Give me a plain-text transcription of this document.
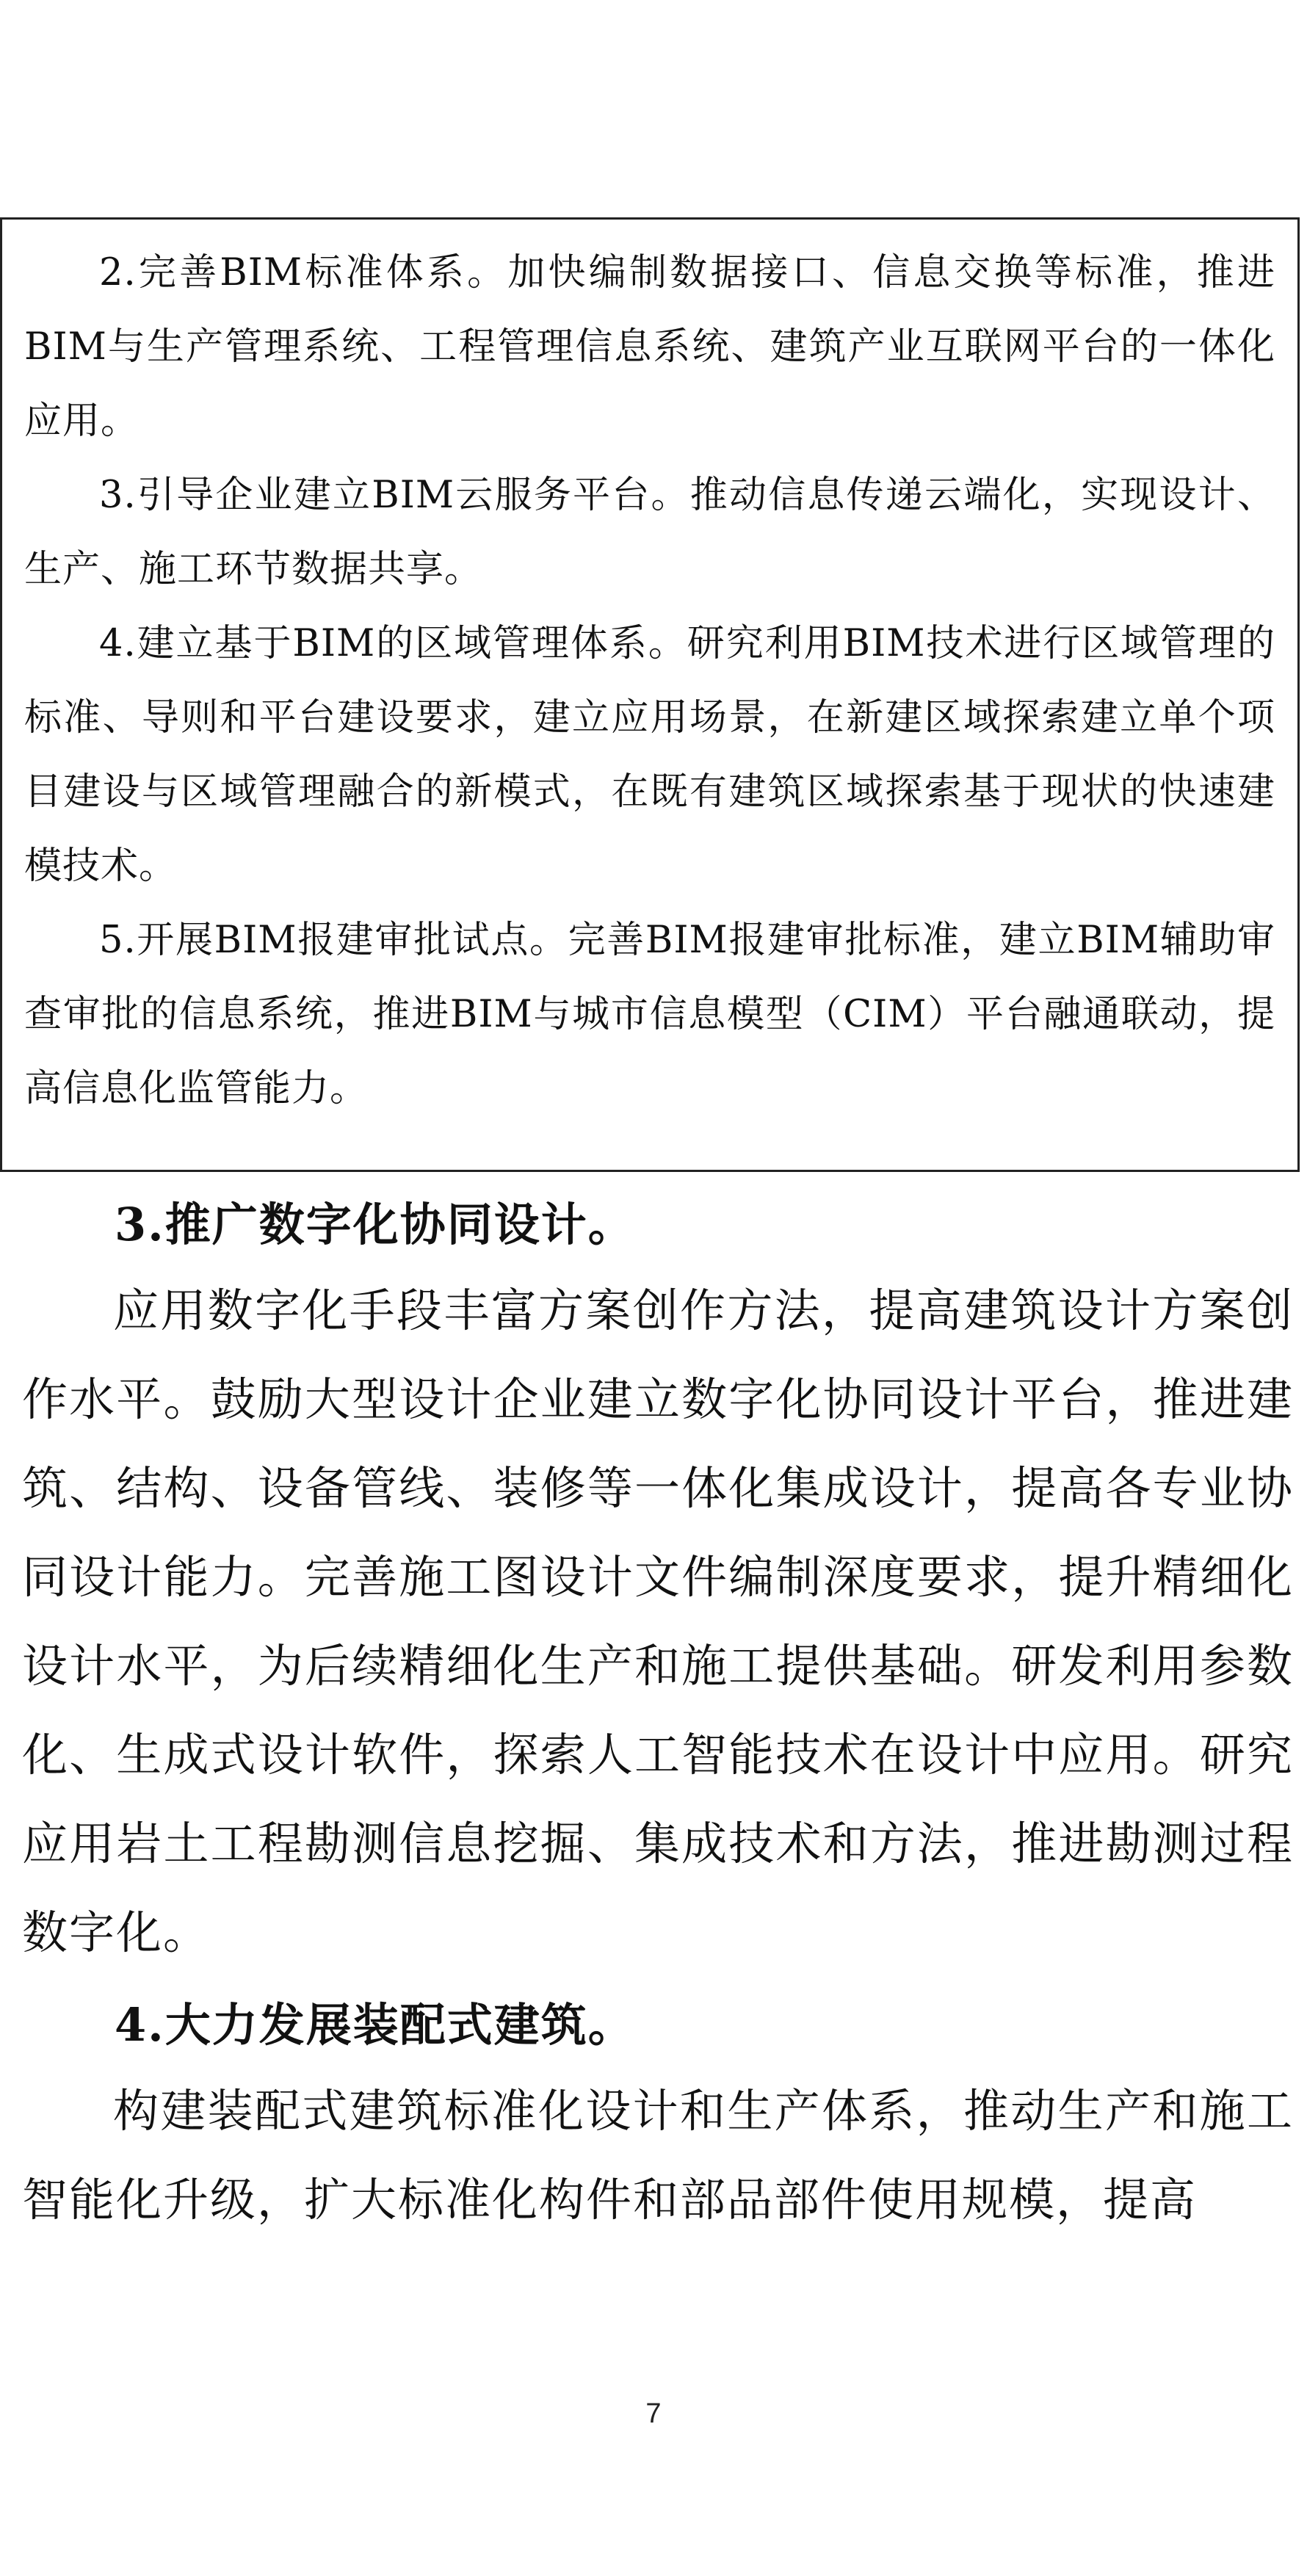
2.完善BIM标准体系。加快编制数据接口、信息交换等标准，推进BIM与生产管理系统、工程管理信息系统、建筑产业互联网平台的一体化应用。

3.引导企业建立BIM云服务平台。推动信息传递云端化，实现设计、生产、施工环节数据共享。

4.建立基于BIM的区域管理体系。研究利用BIM技术进行区域管理的标准、导则和平台建设要求，建立应用场景，在新建区域探索建立单个项目建设与区域管理融合的新模式，在既有建筑区域探索基于现状的快速建模技术。

5.开展BIM报建审批试点。完善BIM报建审批标准，建立BIM辅助审查审批的信息系统，推进BIM与城市信息模型（CIM）平台融通联动，提高信息化监管能力。

3.推广数字化协同设计。

应用数字化手段丰富方案创作方法，提高建筑设计方案创作水平。鼓励大型设计企业建立数字化协同设计平台，推进建筑、结构、设备管线、装修等一体化集成设计，提高各专业协同设计能力。完善施工图设计文件编制深度要求，提升精细化设计水平，为后续精细化生产和施工提供基础。研发利用参数化、生成式设计软件，探索人工智能技术在设计中应用。研究应用岩土工程勘测信息挖掘、集成技术和方法，推进勘测过程数字化。

4.大力发展装配式建筑。

构建装配式建筑标准化设计和生产体系，推动生产和施工智能化升级，扩大标准化构件和部品部件使用规模，提高

7
